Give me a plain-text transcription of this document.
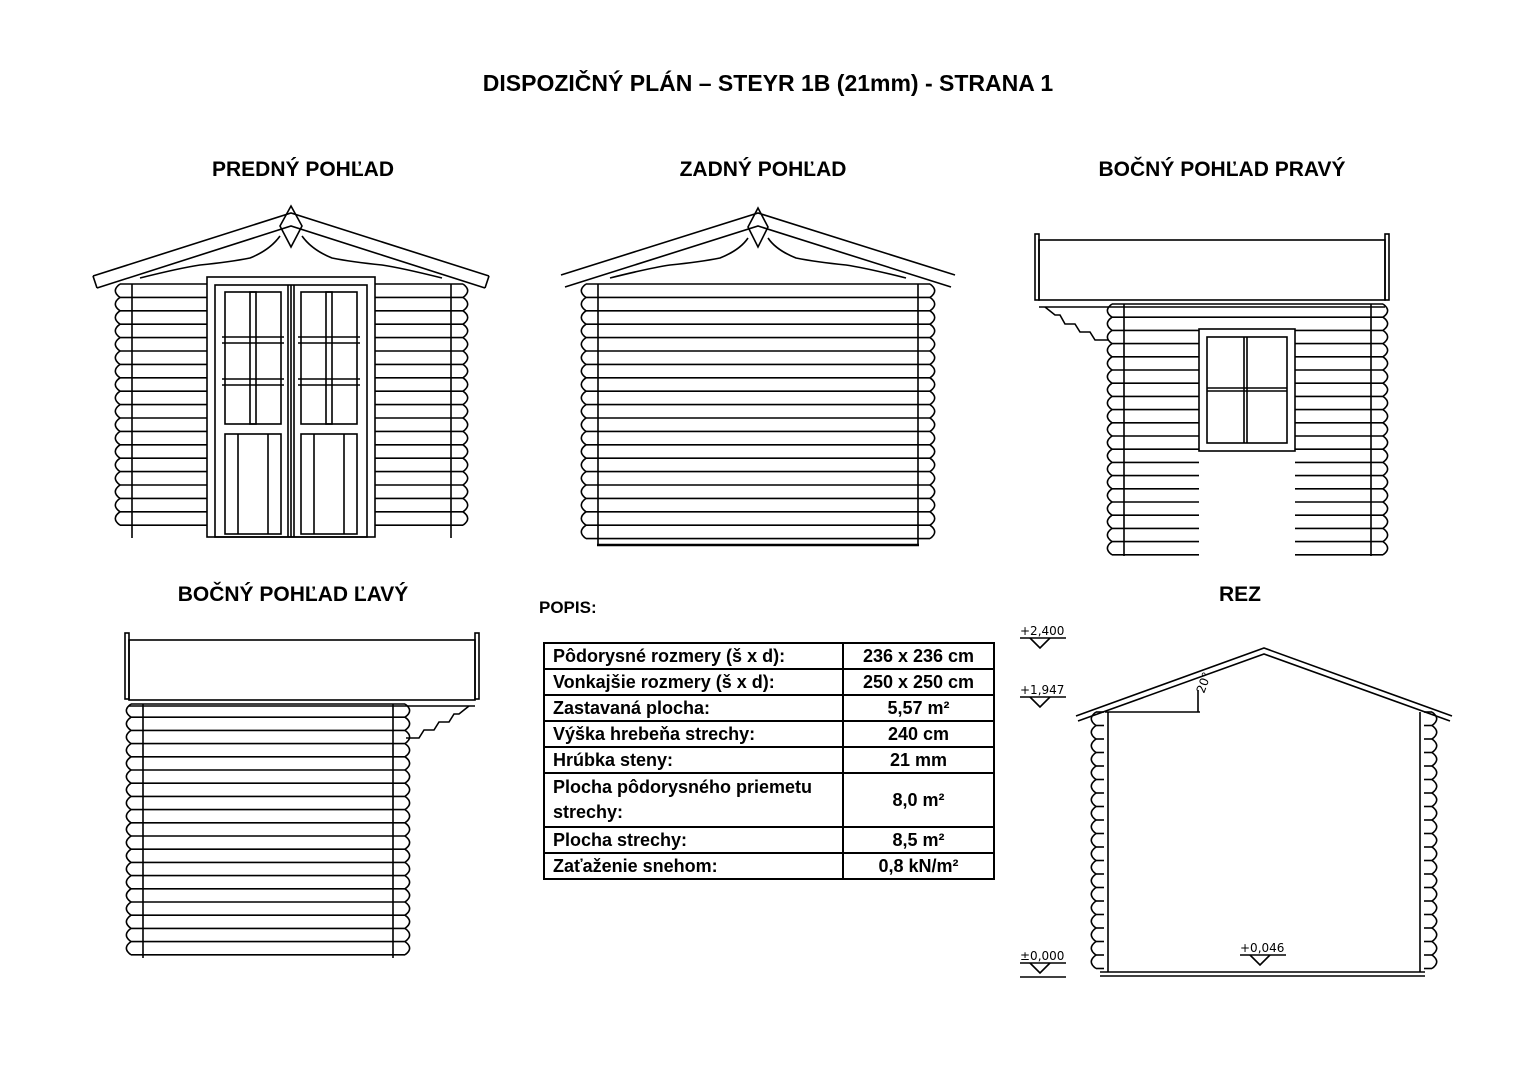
DISPOZIČNÝ PLÁN – STEYR 1B (21mm) - STRANA 1
PREDNÝ POHĽAD	ZADNÝ POHĽAD	BOČNÝ POHĽAD PRAVÝ
BOČNÝ POHĽAD ĽAVÝ	REZ
+2,400
+1,947
±0,000
+0,046
20°
POPIS:
Pôdorysné rozmery (š x d):	236 x 236 cm
Vonkajšie rozmery (š x d):	250 x 250 cm
Zastavaná plocha:	5,57 m²
Výška hrebeňa strechy:	240 cm
Hrúbka steny:	21 mm
Plocha pôdorysného priemetu strechy:	8,0 m²
Plocha strechy:	8,5 m²
Zaťaženie snehom:	0,8 kN/m²
